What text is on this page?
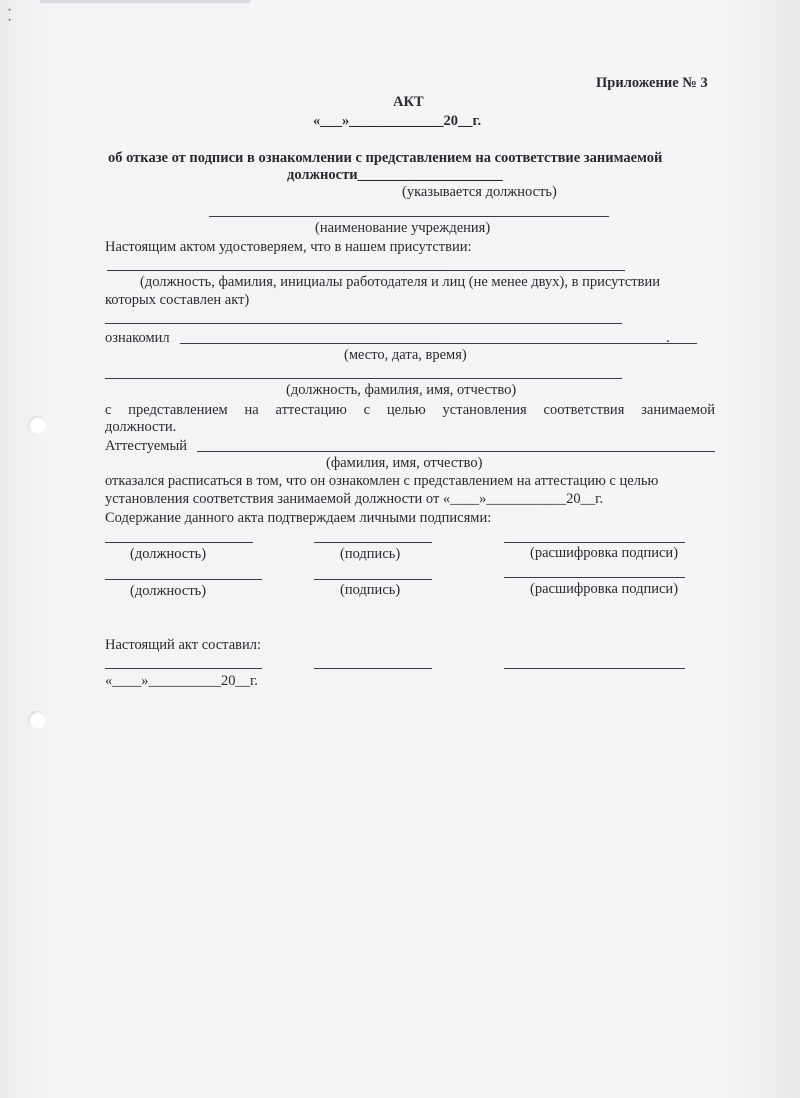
•
•
Приложение № 3
АКТ
«___»_____________20__г.
об отказе от подписи в ознакомлении с представлением на соответствие занимаемой
должности____________________
(указывается должность)
(наименование учреждения)
Настоящим актом удостоверяем, что в нашем присутствии:
(должность, фамилия, инициалы работодателя и лиц (не менее двух), в присутствии
которых составлен акт)
ознакомил	.
(место, дата, время)
(должность, фамилия, имя, отчество)
с представлением на аттестацию с целью установления соответствия занимаемой
должности.
Аттестуемый
(фамилия, имя, отчество)
отказался расписаться в том, что он ознакомлен с представлением на аттестацию с целью
установления соответствия занимаемой должности от «____»___________20__г.
Содержание данного акта подтверждаем личными подписями:
(должность)	(подпись)	(расшифровка подписи)
(должность)	(подпись)	(расшифровка подписи)
Настоящий акт составил:
«____»__________20__г.
